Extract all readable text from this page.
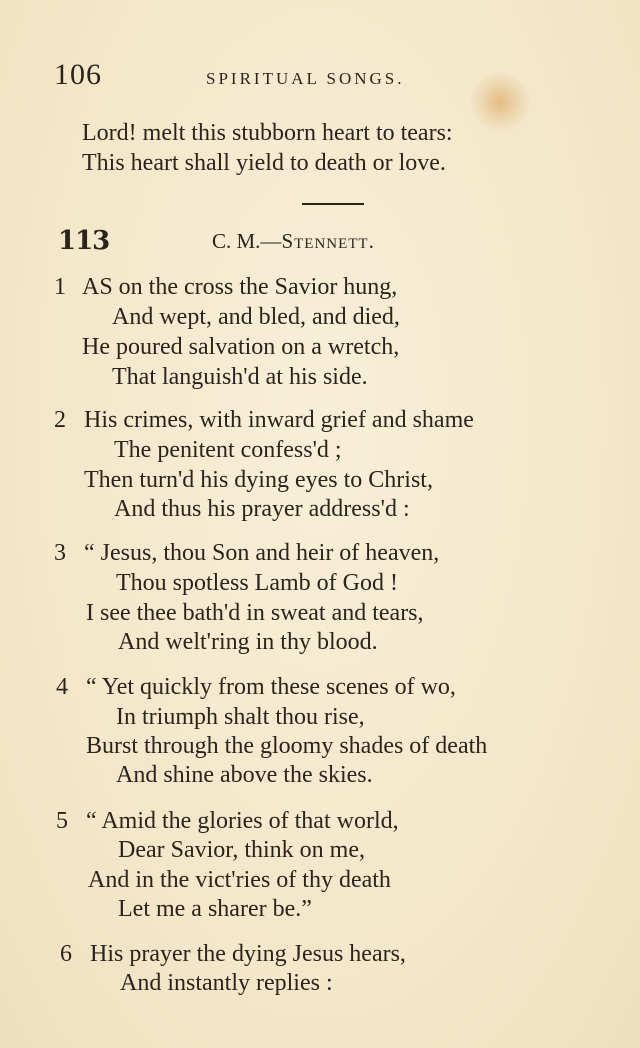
106	SPIRITUAL SONGS.
Lord! melt this stubborn heart to tears:
This heart shall yield to death or love.
113	C. M.—Stennett.
1 AS on the cross the Savior hung,
And wept, and bled, and died,
He poured salvation on a wretch,
That languish'd at his side.
2 His crimes, with inward grief and shame
The penitent confess'd ;
Then turn'd his dying eyes to Christ,
And thus his prayer address'd :
3 “ Jesus, thou Son and heir of heaven,
Thou spotless Lamb of God !
I see thee bath'd in sweat and tears,
And welt'ring in thy blood.
4 “ Yet quickly from these scenes of wo,
In triumph shalt thou rise,
Burst through the gloomy shades of death
And shine above the skies.
5 “ Amid the glories of that world,
Dear Savior, think on me,
And in the vict'ries of thy death
Let me a sharer be.”
6 His prayer the dying Jesus hears,
And instantly replies :
